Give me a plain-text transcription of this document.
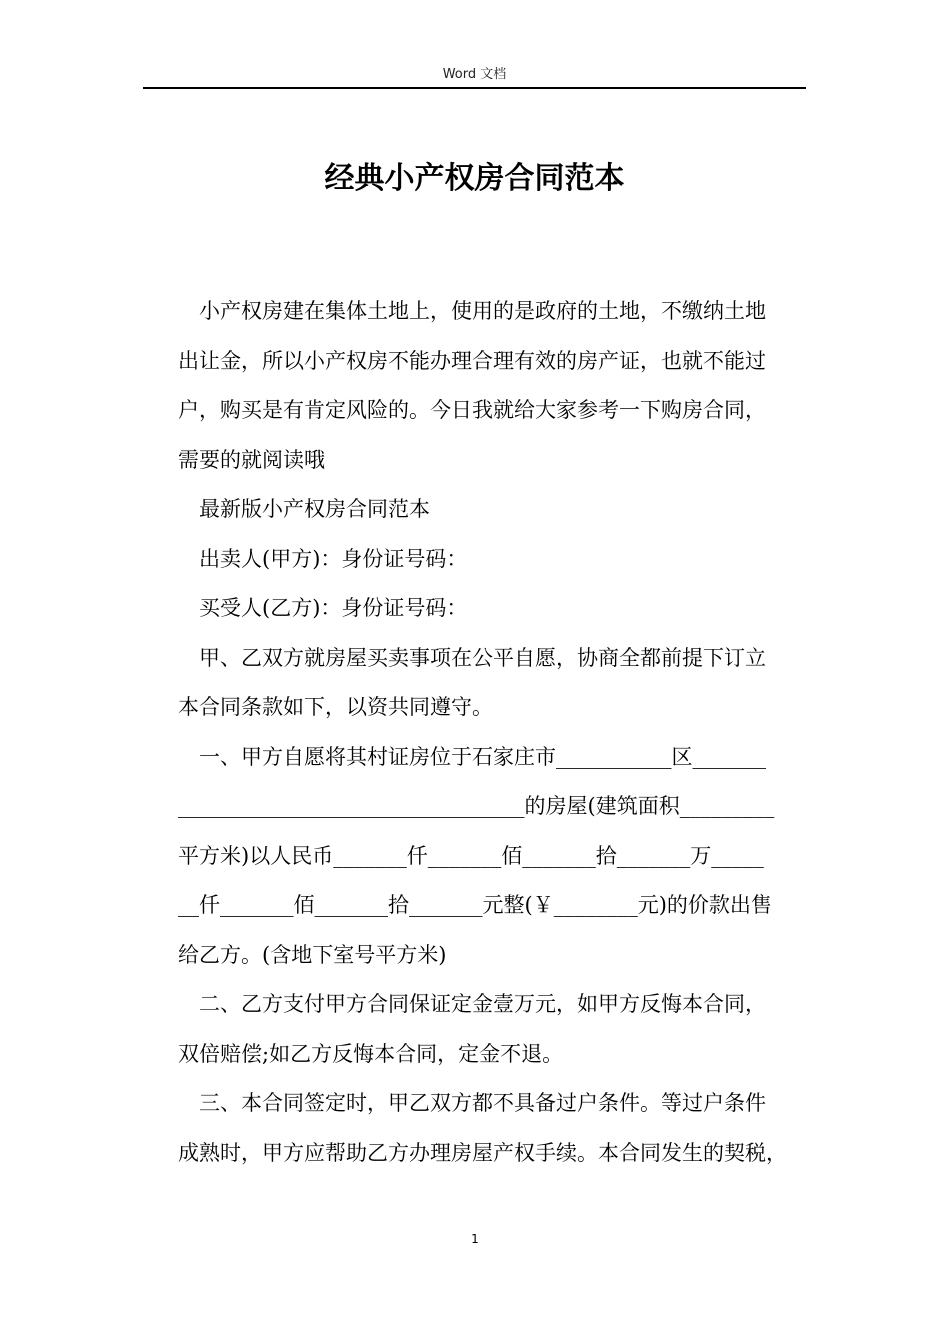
Word 文档
经典小产权房合同范本
小产权房建在集体土地上，使用的是政府的土地，不缴纳土地
出让金，所以小产权房不能办理合理有效的房产证，也就不能过
户，购买是有肯定风险的。今日我就给大家参考一下购房合同，
需要的就阅读哦
最新版小产权房合同范本
出卖人(甲方)：身份证号码：
买受人(乙方)：身份证号码：
甲、乙双方就房屋买卖事项在公平自愿，协商全都前提下订立
本合同条款如下，以资共同遵守。
一、甲方自愿将其村证房位于石家庄市___________区_______
_________________________________的房屋(建筑面积_________
平方米)以人民币_______仟_______佰_______拾_______万_____
__仟_______佰_______拾_______元整(￥________元)的价款出售
给乙方。(含地下室号平方米)
二、乙方支付甲方合同保证定金壹万元，如甲方反悔本合同，
双倍赔偿;如乙方反悔本合同，定金不退。
三、本合同签定时，甲乙双方都不具备过户条件。等过户条件
成熟时，甲方应帮助乙方办理房屋产权手续。本合同发生的契税，
1
